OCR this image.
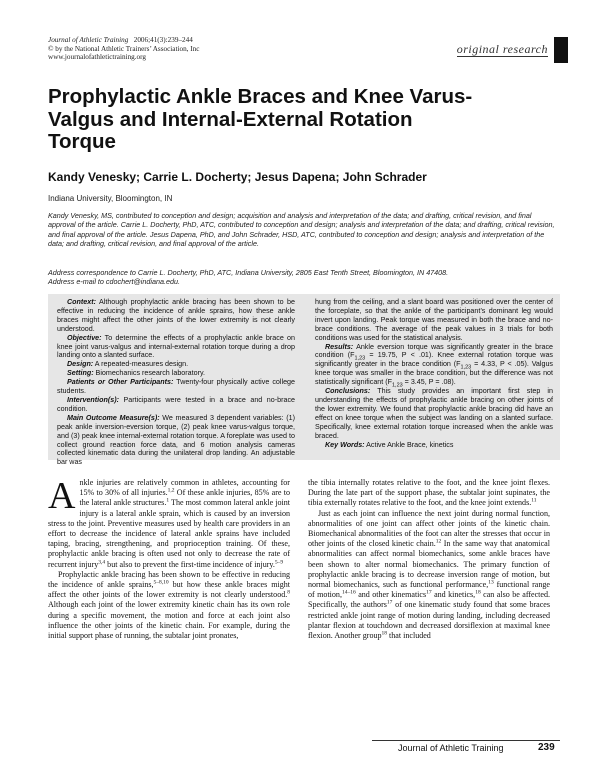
Journal of Athletic Training 2006;41(3):239–244
© by the National Athletic Trainers’ Association, Inc
www.journalofathletictraining.org
original research
Prophylactic Ankle Braces and Knee Varus-Valgus and Internal-External Rotation Torque
Kandy Venesky; Carrie L. Docherty; Jesus Dapena; John Schrader
Indiana University, Bloomington, IN
Kandy Venesky, MS, contributed to conception and design; acquisition and analysis and interpretation of the data; and drafting, critical revision, and final approval of the article. Carrie L. Docherty, PhD, ATC, contributed to conception and design; analysis and interpretation of the data; and drafting, critical revision, and final approval of the article. Jesus Dapena, PhD, and John Schrader, HSD, ATC, contributed to conception and design; analysis and interpretation of the data; and drafting, critical revision, and final approval of the article.
Address correspondence to Carrie L. Docherty, PhD, ATC, Indiana University, 2805 East Tenth Street, Bloomington, IN 47408.
Address e-mail to cdochert@indiana.edu.

Context: Although prophylactic ankle bracing has been shown to be effective in reducing the incidence of ankle sprains, how these ankle braces might affect the other joints of the lower extremity is not clearly understood.

Objective: To determine the effects of a prophylactic ankle brace on knee joint varus-valgus and internal-external rotation torque during a drop landing onto a slanted surface.

Design: A repeated-measures design.

Setting: Biomechanics research laboratory.

Patients or Other Participants: Twenty-four physically active college students.

Intervention(s): Participants were tested in a brace and no-brace condition.

Main Outcome Measure(s): We measured 3 dependent variables: (1) peak ankle inversion-eversion torque, (2) peak knee varus-valgus torque, and (3) peak knee internal-external rotation torque. A foreplate was used to collect ground reaction force data, and 6 motion analysis cameras collected kinematic data during the unilateral drop landing. An adjustable bar was

hung from the ceiling, and a slant board was positioned over the center of the forceplate, so that the ankle of the participant’s dominant leg would invert upon landing. Peak torque was measured in both the brace and no-brace conditions. The average of the peak values in 3 trials for both conditions was used for the statistical analysis.

Results: Ankle eversion torque was significantly greater in the brace condition ($F_{1,23} = 19.75$, P < .01). Knee external rotation torque was significantly greater in the brace condition ($F_{1,23} = 4.33$, P < .05). Valgus knee torque was smaller in the brace condition, but the difference was not statistically significant ($F_{1,23} = 3.45$, P = .08).

Conclusions: This study provides an important first step in understanding the effects of prophylactic ankle bracing on other joints of the lower extremity. We found that prophylactic ankle bracing did have an effect on knee torque when the subject was landing on a slanted surface. Specifically, knee external rotation torque increased when the ankle was braced.

Key Words: Active Ankle Brace, kinetics

Ankle injuries are relatively common in athletes, accounting for 15% to 30% of all injuries.$^{1,2}$ Of these ankle injuries, 85% are to the lateral ankle structures.$^1$ The most common lateral ankle joint injury is a lateral ankle sprain, which is caused by an inversion stress to the joint. Preventive measures used by health care providers in an effort to decrease the incidence of lateral ankle sprains have included taping, bracing, strengthening, and proprioception training. Of these, prophylactic ankle bracing is often used not only to decrease the rate of recurrent injury$^{3,4}$ but also to prevent the first-time incidence of injury.$^{5-9}$

Prophylactic ankle bracing has been shown to be effective in reducing the incidence of ankle sprains,$^{5-8,10}$ but how these ankle braces might affect the other joints of the lower extremity is not clearly understood.$^8$ Although each joint of the lower extremity kinetic chain has its own role during a specific movement, the motion and force at each joint also influence the other joints of the kinetic chain. For example, during the initial support phase of running, the subtalar joint pronates,

the tibia internally rotates relative to the foot, and the knee joint flexes. During the late part of the support phase, the subtalar joint supinates, the tibia externally rotates relative to the foot, and the knee joint extends.$^{11}$

Just as each joint can influence the next joint during normal function, abnormalities of one joint can affect other joints of the kinetic chain. Biomechanical abnormalities of the foot can alter the stresses that occur in other joints of the closed kinetic chain.$^{12}$ In the same way that anatomical abnormalities can affect normal biomechanics, some ankle braces have been shown to alter normal biomechanics. The primary function of prophylactic ankle bracing is to decrease inversion range of motion, but normal biomechanics, such as functional performance,$^{13}$ functional range of motion,$^{14-16}$ and other kinematics$^{17}$ and kinetics,$^{18}$ can also be affected. Specifically, the authors$^{17}$ of one kinematic study found that some braces restricted ankle joint range of motion during landing, including decreased plantar flexion at touchdown and decreased dorsiflexion at maximal knee flexion. Another group$^{18}$ that included

Journal of Athletic Training	239
